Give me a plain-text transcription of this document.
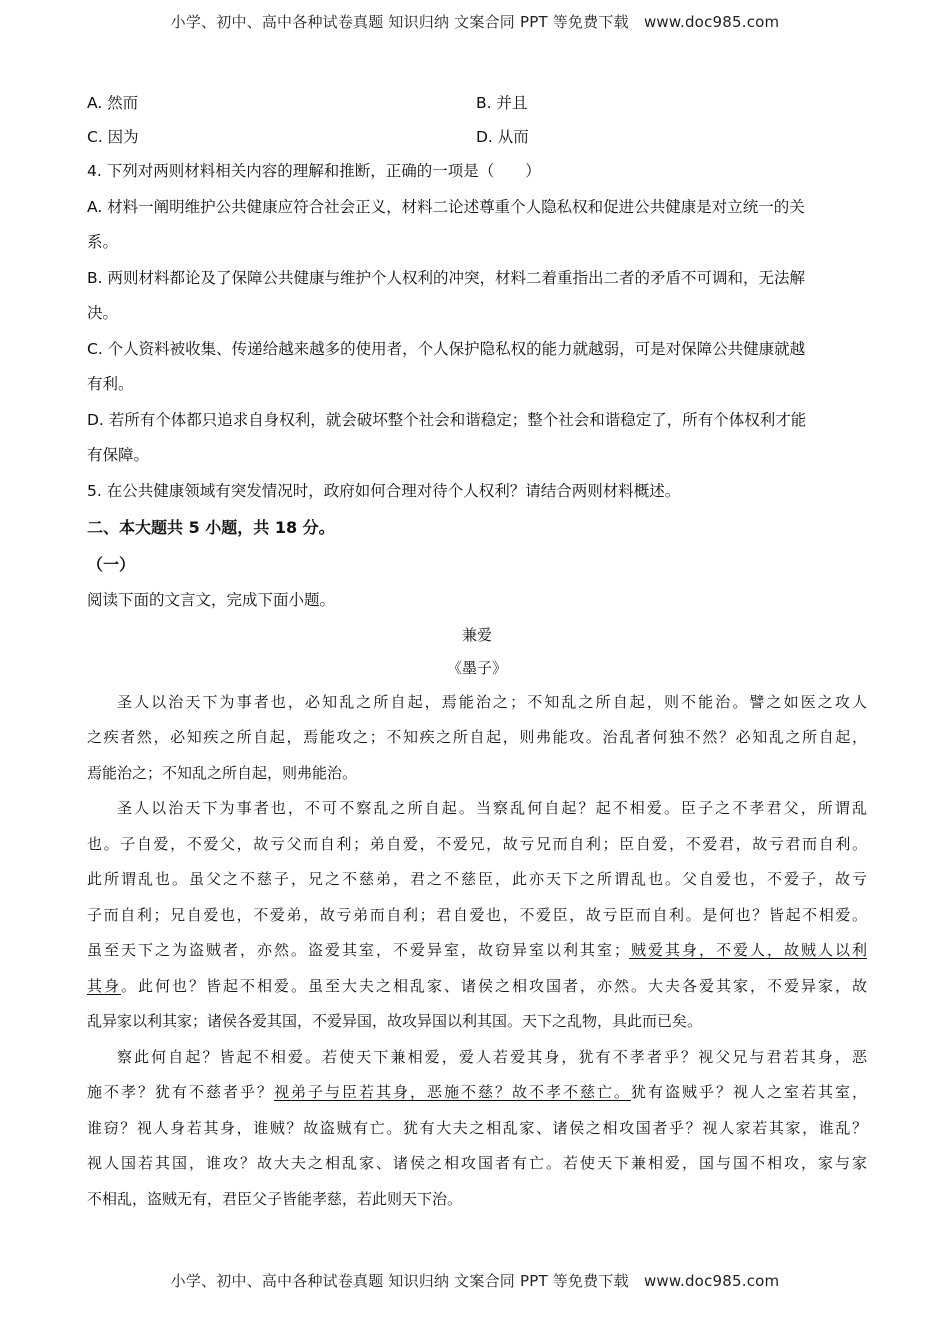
小学、初中、高中各种试卷真题 知识归纳 文案合同 PPT 等免费下载　www.doc985.com
A. 然而	B. 并且
C. 因为	D. 从而
4. 下列对两则材料相关内容的理解和推断，正确的一项是（　　）
A. 材料一阐明维护公共健康应符合社会正义，材料二论述尊重个人隐私权和促进公共健康是对立统一的关
系。
B. 两则材料都论及了保障公共健康与维护个人权利的冲突，材料二着重指出二者的矛盾不可调和，无法解
决。
C. 个人资料被收集、传递给越来越多的使用者，个人保护隐私权的能力就越弱，可是对保障公共健康就越
有利。
D. 若所有个体都只追求自身权利，就会破坏整个社会和谐稳定；整个社会和谐稳定了，所有个体权利才能
有保障。
5. 在公共健康领域有突发情况时，政府如何合理对待个人权利？请结合两则材料概述。
二、本大题共 5 小题，共 18 分。
（一）
阅读下面的文言文，完成下面小题。
兼爱
《墨子》

圣人以治天下为事者也，必知乱之所自起，焉能治之；不知乱之所自起，则不能治。譬之如医之攻人
之疾者然，必知疾之所自起，焉能攻之；不知疾之所自起，则弗能攻。治乱者何独不然？必知乱之所自起，
焉能治之；不知乱之所自起，则弗能治。

圣人以治天下为事者也，不可不察乱之所自起。当察乱何自起？起不相爱。臣子之不孝君父，所谓乱
也。子自爱，不爱父，故亏父而自利；弟自爱，不爱兄，故亏兄而自利；臣自爱，不爱君，故亏君而自利。
此所谓乱也。虽父之不慈子，兄之不慈弟，君之不慈臣，此亦天下之所谓乱也。父自爱也，不爱子，故亏
子而自利；兄自爱也，不爱弟，故亏弟而自利；君自爱也，不爱臣，故亏臣而自利。是何也？皆起不相爱。
虽至天下之为盗贼者，亦然。盗爱其室，不爱异室，故窃异室以利其室；贼爱其身，不爱人，故贼人以利
其身。此何也？皆起不相爱。虽至大夫之相乱家、诸侯之相攻国者，亦然。大夫各爱其家，不爱异家，故
乱异家以利其家；诸侯各爱其国，不爱异国，故攻异国以利其国。天下之乱物，具此而已矣。

察此何自起？皆起不相爱。若使天下兼相爱，爱人若爱其身，犹有不孝者乎？视父兄与君若其身，恶
施不孝？犹有不慈者乎？视弟子与臣若其身，恶施不慈？故不孝不慈亡。犹有盗贼乎？视人之室若其室，
谁窃？视人身若其身，谁贼？故盗贼有亡。犹有大夫之相乱家、诸侯之相攻国者乎？视人家若其家，谁乱？
视人国若其国，谁攻？故大夫之相乱家、诸侯之相攻国者有亡。若使天下兼相爱，国与国不相攻，家与家
不相乱，盗贼无有，君臣父子皆能孝慈，若此则天下治。

小学、初中、高中各种试卷真题 知识归纳 文案合同 PPT 等免费下载　www.doc985.com
